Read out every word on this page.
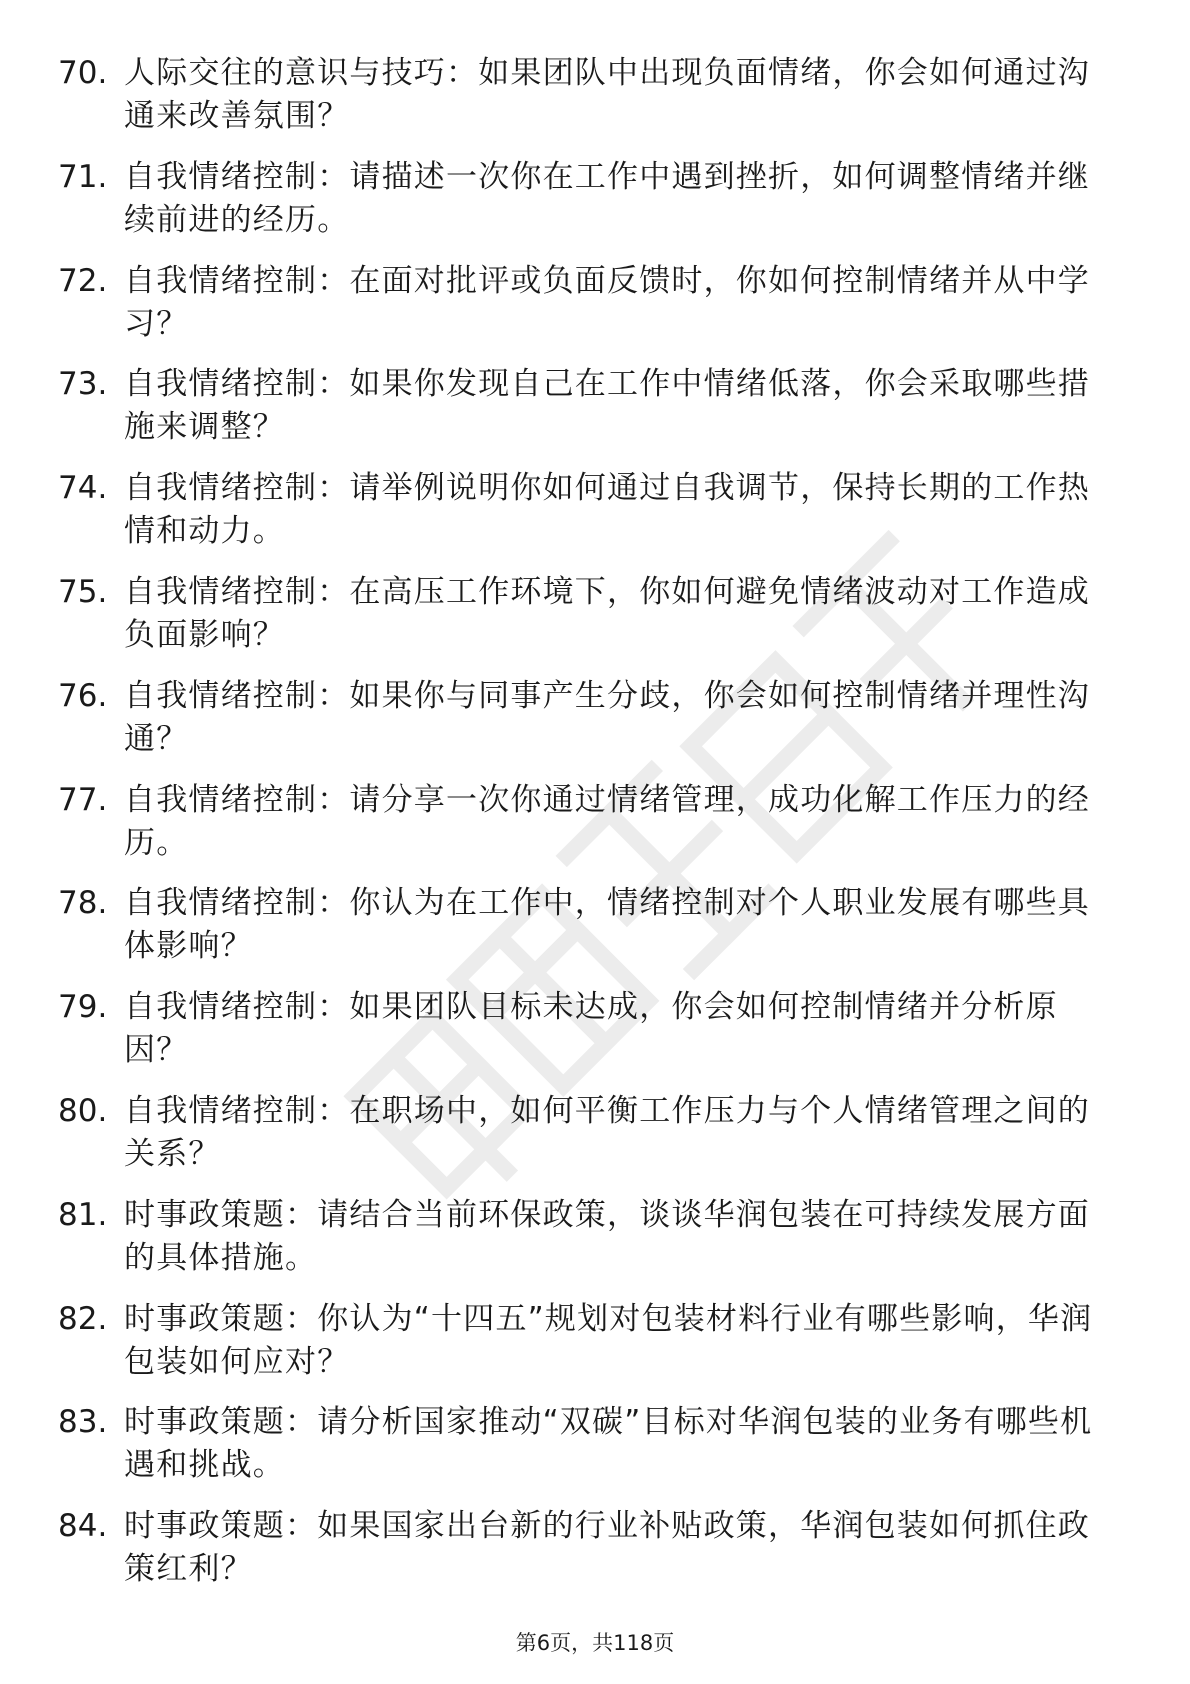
70. 人际交往的意识与技巧：如果团队中出现负面情绪，你会如何通过沟通来改善氛围？
71. 自我情绪控制：请描述一次你在工作中遇到挫折，如何调整情绪并继续前进的经历。
72. 自我情绪控制：在面对批评或负面反馈时，你如何控制情绪并从中学习？
73. 自我情绪控制：如果你发现自己在工作中情绪低落，你会采取哪些措施来调整？
74. 自我情绪控制：请举例说明你如何通过自我调节，保持长期的工作热情和动力。
75. 自我情绪控制：在高压工作环境下，你如何避免情绪波动对工作造成负面影响？
76. 自我情绪控制：如果你与同事产生分歧，你会如何控制情绪并理性沟通？
77. 自我情绪控制：请分享一次你通过情绪管理，成功化解工作压力的经历。
78. 自我情绪控制：你认为在工作中，情绪控制对个人职业发展有哪些具体影响？
79. 自我情绪控制：如果团队目标未达成，你会如何控制情绪并分析原因？
80. 自我情绪控制：在职场中，如何平衡工作压力与个人情绪管理之间的关系？
81. 时事政策题：请结合当前环保政策，谈谈华润包装在可持续发展方面的具体措施。
82. 时事政策题：你认为“十四五”规划对包装材料行业有哪些影响，华润包装如何应对？
83. 时事政策题：请分析国家推动“双碳”目标对华润包装的业务有哪些机遇和挑战。
84. 时事政策题：如果国家出台新的行业补贴政策，华润包装如何抓住政策红利？
第6页，共118页
